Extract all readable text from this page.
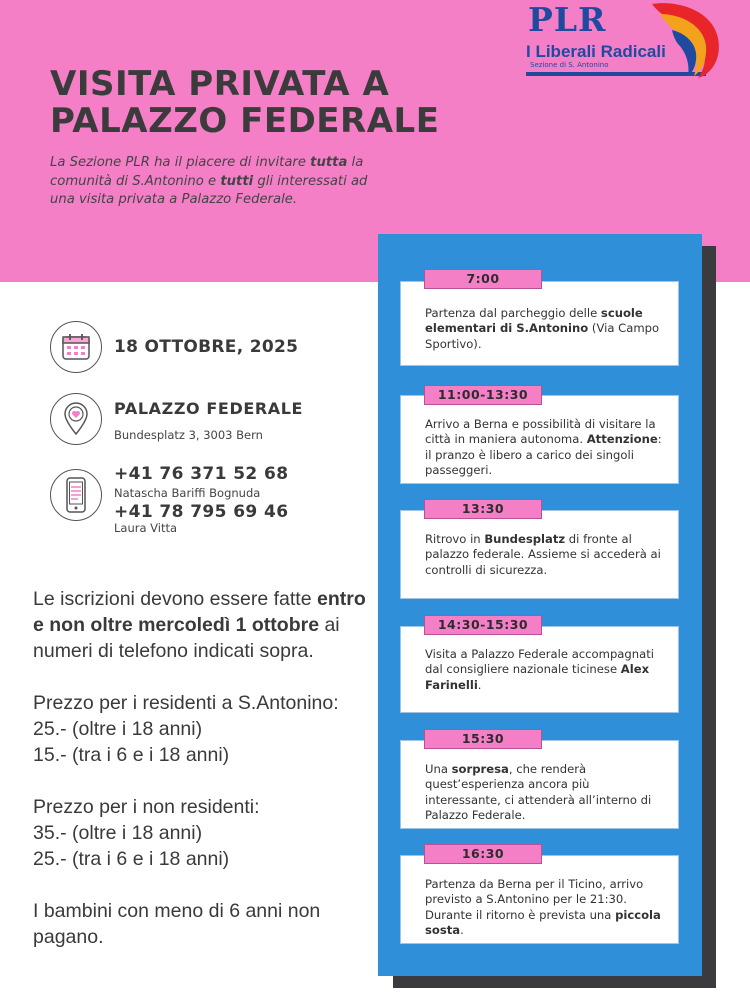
PLR
I Liberali Radicali
Sezione di S. Antonino
VISITA PRIVATA A
PALAZZO FEDERALE

La Sezione PLR ha il piacere di invitare tutta la comunità di S.Antonino e tutti gli interessati ad una visita privata a Palazzo Federale.

18 OTTOBRE, 2025
PALAZZO FEDERALE
Bundesplatz 3, 3003 Bern
+41 76 371 52 68
Natascha Bariffi Bognuda
+41 78 795 69 46
Laura Vitta

Le iscrizioni devono essere fatte entro e non oltre mercoledì 1 ottobre ai numeri di telefono indicati sopra.

Prezzo per i residenti a S.Antonino:

25.- (oltre i 18 anni)

15.- (tra i 6 e i 18 anni)

Prezzo per i non residenti:

35.- (oltre i 18 anni)

25.- (tra i 6 e i 18 anni)

I bambini con meno di 6 anni non pagano.

Partenza dal parcheggio delle scuole elementari di S.Antonino (Via Campo Sportivo).
7:00
Arrivo a Berna e possibilità di visitare la città in maniera autonoma. Attenzione: il pranzo è libero a carico dei singoli passeggeri.
11:00-13:30
Ritrovo in Bundesplatz di fronte al palazzo federale. Assieme si accederà ai controlli di sicurezza.
13:30
Visita a Palazzo Federale accompagnati dal consigliere nazionale ticinese Alex Farinelli.
14:30-15:30
Una sorpresa, che renderà quest’esperienza ancora più interessante, ci attenderà all’interno di Palazzo Federale.
15:30
Partenza da Berna per il Ticino, arrivo previsto a S.Antonino per le 21:30. Durante il ritorno è prevista una piccola sosta.
16:30
